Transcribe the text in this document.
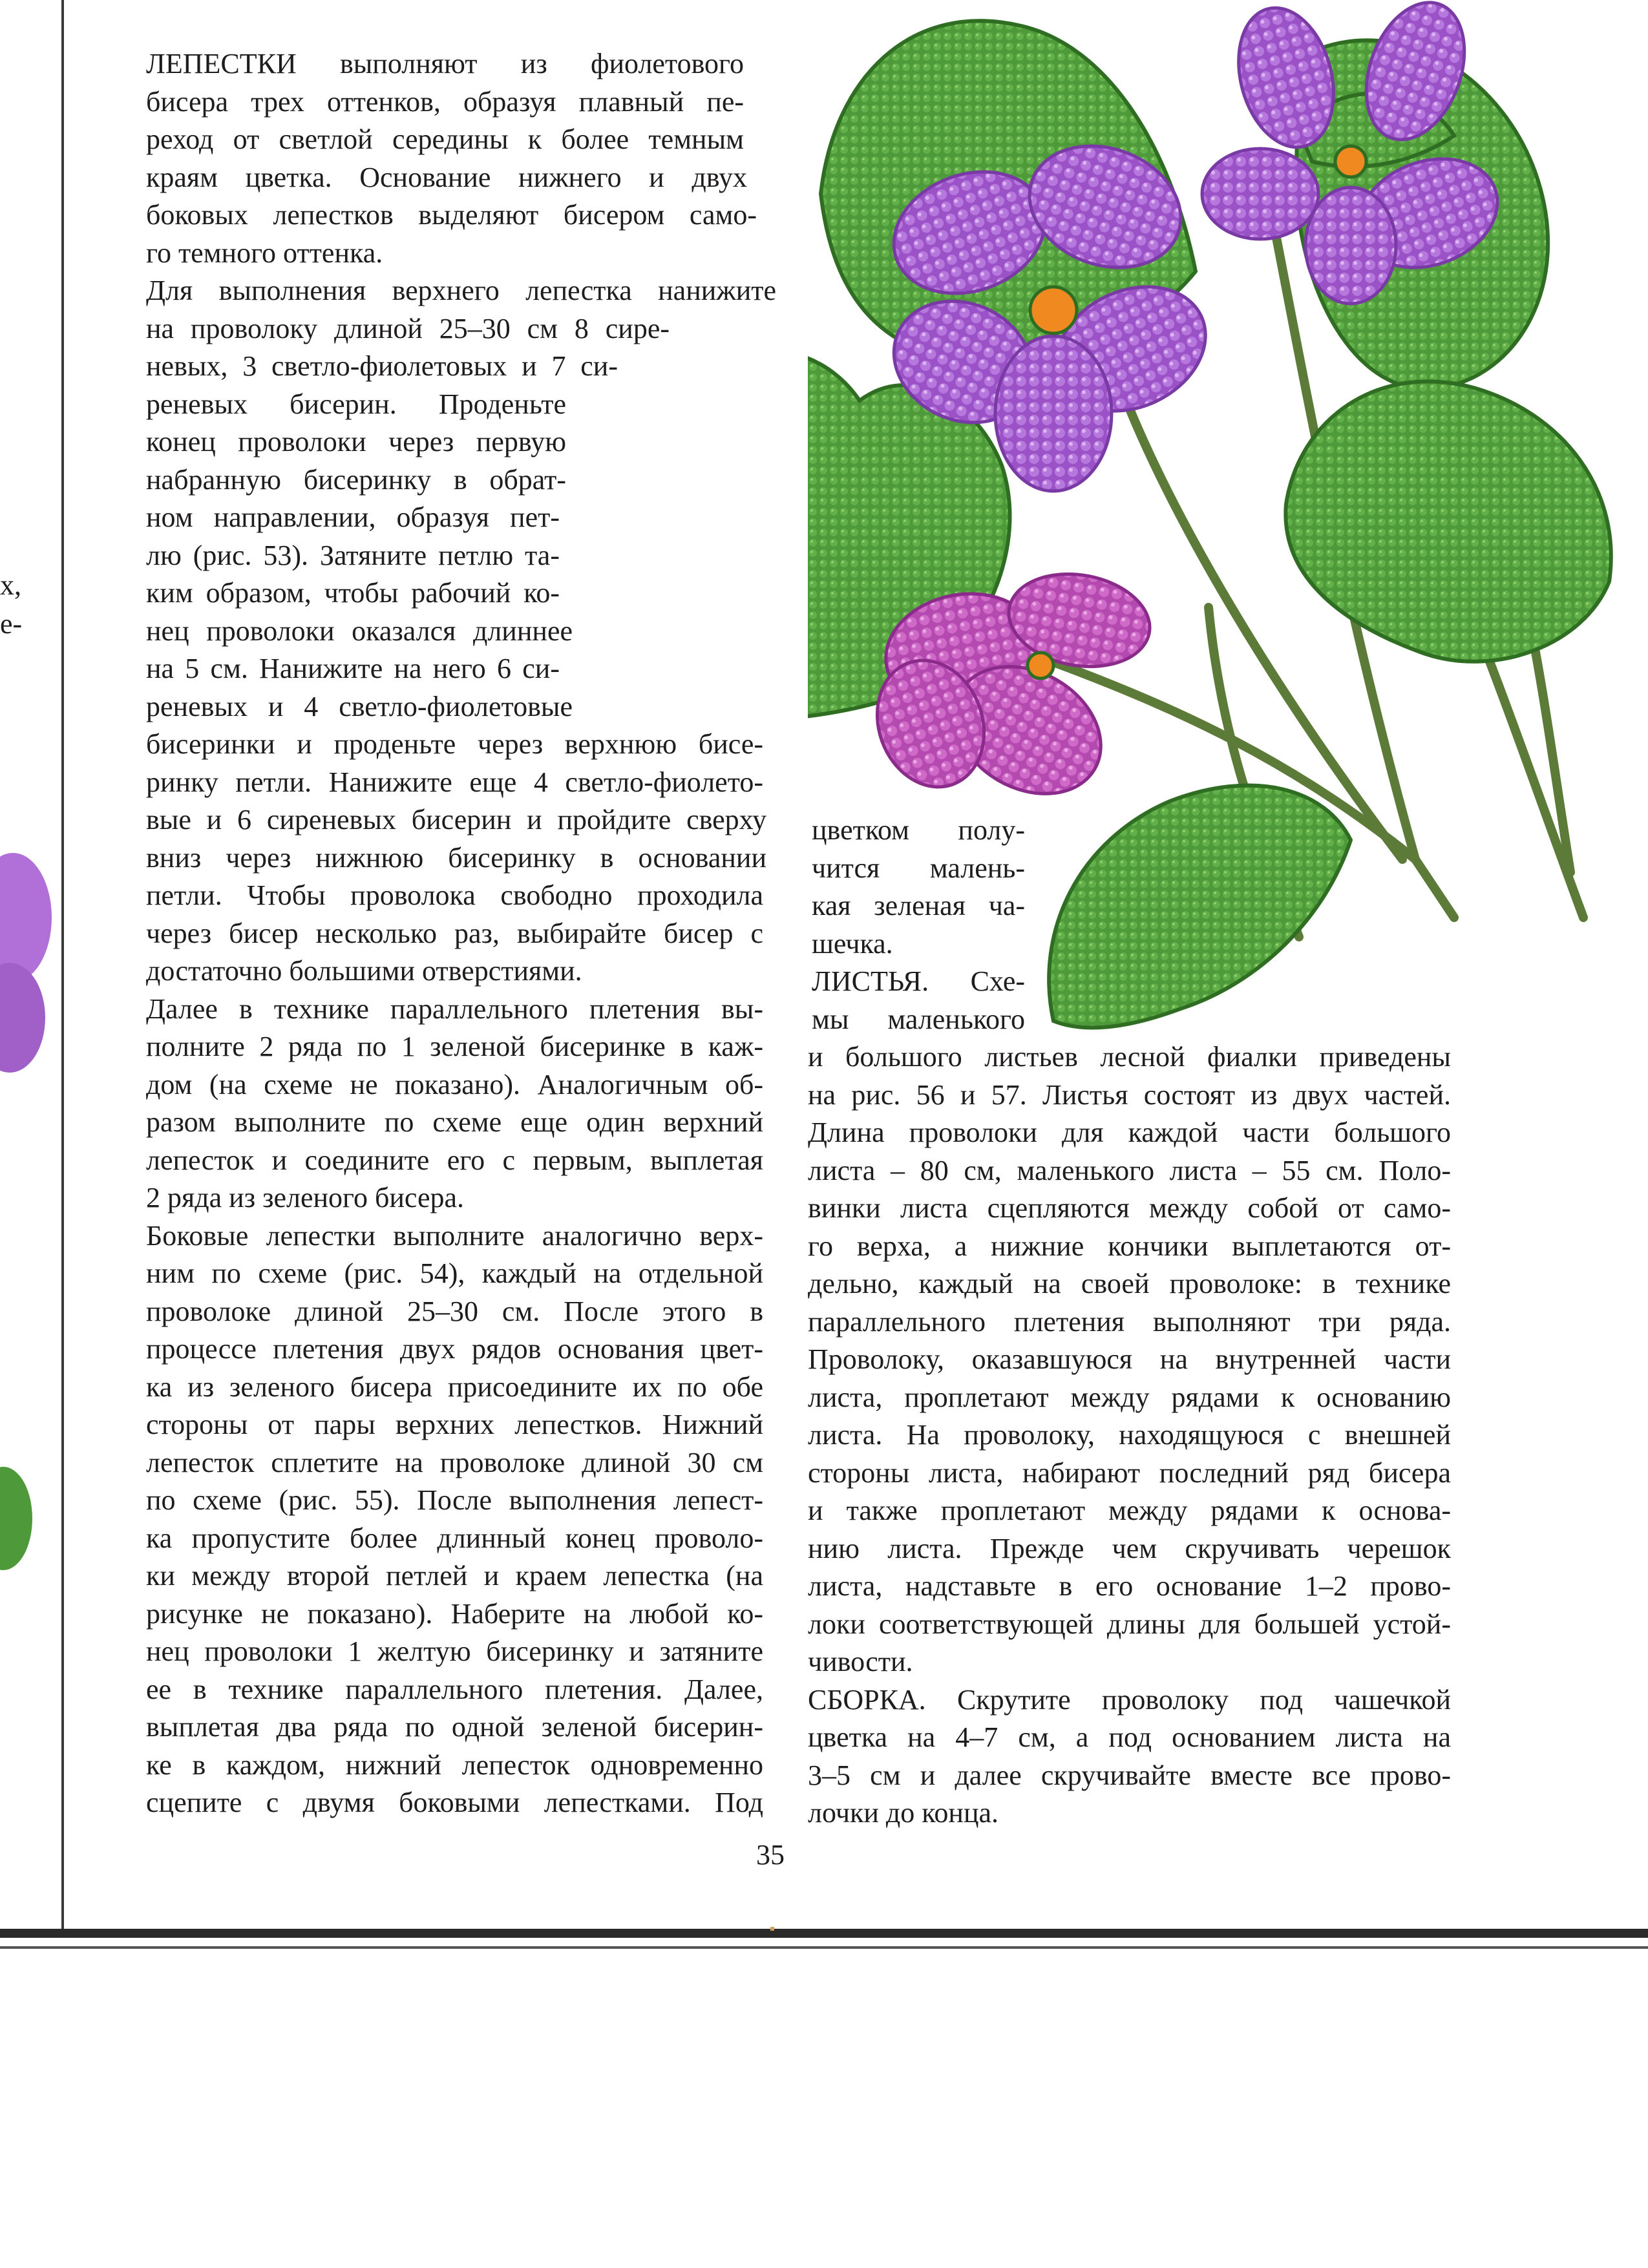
х,
е-
ЛЕПЕСТКИ выполняют из фиолетового
бисера трех оттенков, образуя плавный пе-
реход от светлой середины к более темным
краям цветка. Основание нижнего и двух
боковых лепестков выделяют бисером само-
го темного оттенка.
Для выполнения верхнего лепестка нанижите
на проволоку длиной 25–30 см 8 сире-
невых, 3 светло-фиолетовых и 7 си-
реневых бисерин. Проденьте
конец проволоки через первую
набранную бисеринку в обрат-
ном направлении, образуя пет-
лю (рис. 53). Затяните петлю та-
ким образом, чтобы рабочий ко-
нец проволоки оказался длиннее
на 5 см. Нанижите на него 6 си-
реневых и 4 светло-фиолетовые
бисеринки и проденьте через верхнюю бисе-
ринку петли. Нанижите еще 4 светло-фиолето-
вые и 6 сиреневых бисерин и пройдите сверху
вниз через нижнюю бисеринку в основании
петли. Чтобы проволока свободно проходила
через бисер несколько раз, выбирайте бисер с
достаточно большими отверстиями.
Далее в технике параллельного плетения вы-
полните 2 ряда по 1 зеленой бисеринке в каж-
дом (на схеме не показано). Аналогичным об-
разом выполните по схеме еще один верхний
лепесток и соедините его с первым, выплетая
2 ряда из зеленого бисера.
Боковые лепестки выполните аналогично верх-
ним по схеме (рис. 54), каждый на отдельной
проволоке длиной 25–30 см. После этого в
процессе плетения двух рядов основания цвет-
ка из зеленого бисера присоедините их по обе
стороны от пары верхних лепестков. Нижний
лепесток сплетите на проволоке длиной 30 см
по схеме (рис. 55). После выполнения лепест-
ка пропустите более длинный конец проволо-
ки между второй петлей и краем лепестка (на
рисунке не показано). Наберите на любой ко-
нец проволоки 1 желтую бисеринку и затяните
ее в технике параллельного плетения. Далее,
выплетая два ряда по одной зеленой бисерин-
ке в каждом, нижний лепесток одновременно
сцепите с двумя боковыми лепестками. Под
цветком полу-
чится малень-
кая зеленая ча-
шечка.
ЛИСТЬЯ. Схе-
мы маленького
и большого листьев лесной фиалки приведены
на рис. 56 и 57. Листья состоят из двух частей.
Длина проволоки для каждой части большого
листа – 80 см, маленького листа – 55 см. Поло-
винки листа сцепляются между собой от само-
го верха, а нижние кончики выплетаются от-
дельно, каждый на своей проволоке: в технике
параллельного плетения выполняют три ряда.
Проволоку, оказавшуюся на внутренней части
листа, проплетают между рядами к основанию
листа. На проволоку, находящуюся с внешней
стороны листа, набирают последний ряд бисера
и также проплетают между рядами к основа-
нию листа. Прежде чем скручивать черешок
листа, надставьте в его основание 1–2 прово-
локи соответствующей длины для большей устой-
чивости.
СБОРКА. Скрутите проволоку под чашечкой
цветка на 4–7 см, а под основанием листа на
3–5 см и далее скручивайте вместе все прово-
лочки до конца.
35
